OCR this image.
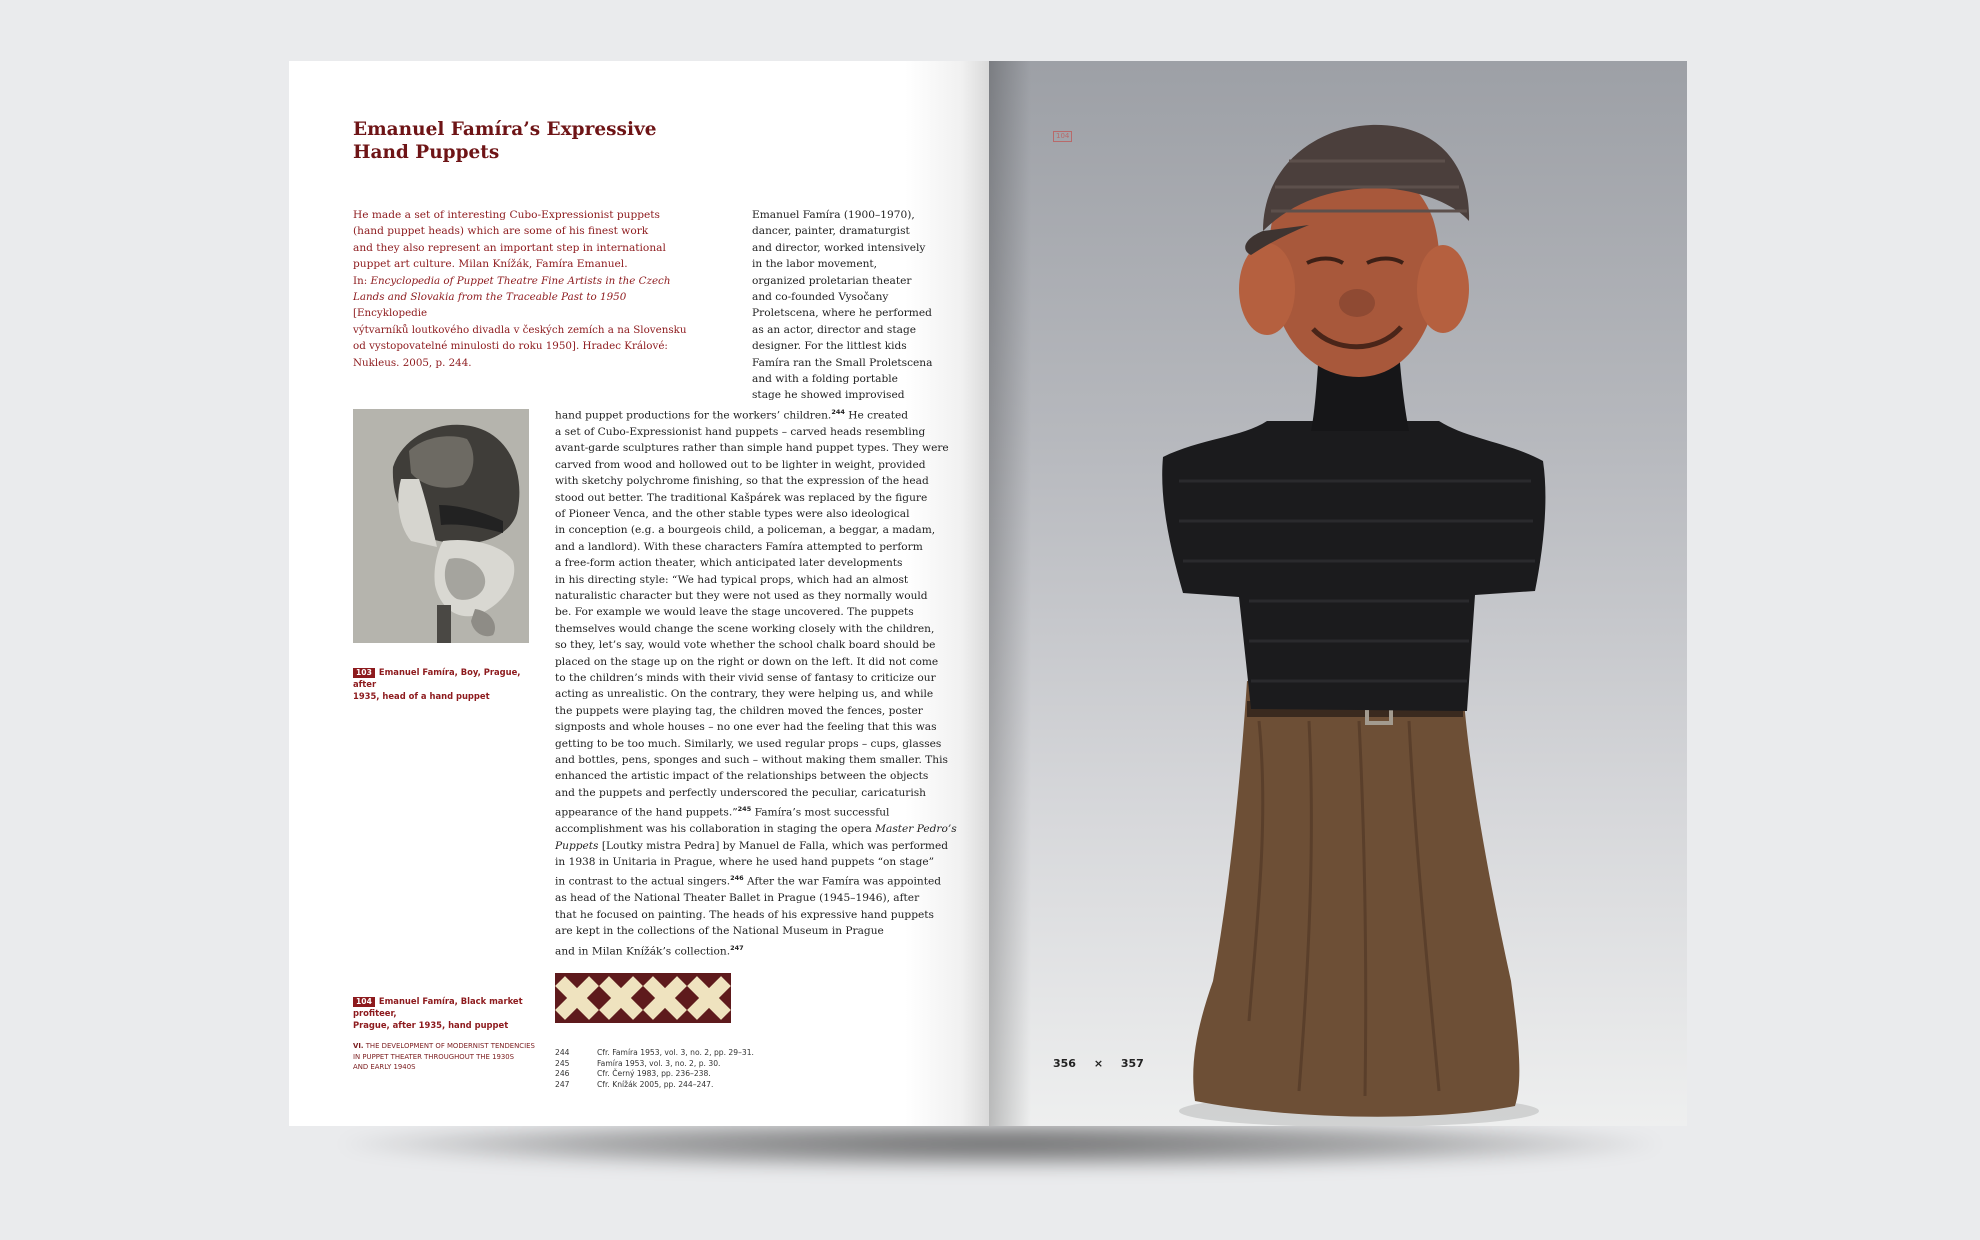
Emanuel Famíra’s Expressive
Hand Puppets
He made a set of interesting Cubo-Expressionist puppets
(hand puppet heads) which are some of his finest work
and they also represent an important step in international
puppet art culture. Milan Knížák, Famíra Emanuel.
In: Encyclopedia of Puppet Theatre Fine Artists in the Czech
Lands and Slovakia from the Traceable Past to 1950 [Encyklopedie
výtvarníků loutkového divadla v českých zemích a na Slovensku
od vystopovatelné minulosti do roku 1950]. Hradec Králové:
Nukleus. 2005, p. 244.
Emanuel Famíra (1900–1970),
dancer, painter, dramaturgist
and director, worked intensively
in the labor movement,
organized proletarian theater
and co-founded Vysočany
Proletscena, where he performed
as an actor, director and stage
designer. For the littlest kids
Famíra ran the Small Proletscena
and with a folding portable
stage he showed improvised
hand puppet productions for the workers’ children.$^{244}$ He created
a set of Cubo-Expressionist hand puppets – carved heads resembling
avant-garde sculptures rather than simple hand puppet types. They were
carved from wood and hollowed out to be lighter in weight, provided
with sketchy polychrome finishing, so that the expression of the head
stood out better. The traditional Kašpárek was replaced by the figure
of Pioneer Venca, and the other stable types were also ideological
in conception (e.g. a bourgeois child, a policeman, a beggar, a madam,
and a landlord). With these characters Famíra attempted to perform
a free-form action theater, which anticipated later developments
in his directing style: “We had typical props, which had an almost
naturalistic character but they were not used as they normally would
be. For example we would leave the stage uncovered. The puppets
themselves would change the scene working closely with the children,
so they, let’s say, would vote whether the school chalk board should be
placed on the stage up on the right or down on the left. It did not come
to the children’s minds with their vivid sense of fantasy to criticize our
acting as unrealistic. On the contrary, they were helping us, and while
the puppets were playing tag, the children moved the fences, poster
signposts and whole houses – no one ever had the feeling that this was
getting to be too much. Similarly, we used regular props – cups, glasses
and bottles, pens, sponges and such – without making them smaller. This
enhanced the artistic impact of the relationships between the objects
and the puppets and perfectly underscored the peculiar, caricaturish
appearance of the hand puppets.”$^{245}$ Famíra’s most successful
accomplishment was his collaboration in staging the opera Master Pedro’s
Puppets [Loutky mistra Pedra] by Manuel de Falla, which was performed
in 1938 in Unitaria in Prague, where he used hand puppets “on stage”
in contrast to the actual singers.$^{246}$ After the war Famíra was appointed
as head of the National Theater Ballet in Prague (1945–1946), after
that he focused on painting. The heads of his expressive hand puppets
are kept in the collections of the National Museum in Prague
and in Milan Knížák’s collection.$^{247}$
103 Emanuel Famíra, Boy, Prague, after
1935, head of a hand puppet
104 Emanuel Famíra, Black market profiteer,
Prague, after 1935, hand puppet
VI. THE DEVELOPMENT OF MODERNIST TENDENCIES
IN PUPPET THEATER THROUGHOUT THE 1930S
AND EARLY 1940S
244	Cfr. Famíra 1953, vol. 3, no. 2, pp. 29–31.
245	Famíra 1953, vol. 3, no. 2, p. 30.
246	Cfr. Černý 1983, pp. 236–238.
247	Cfr. Knížák 2005, pp. 244–247.
104
356 × 357
